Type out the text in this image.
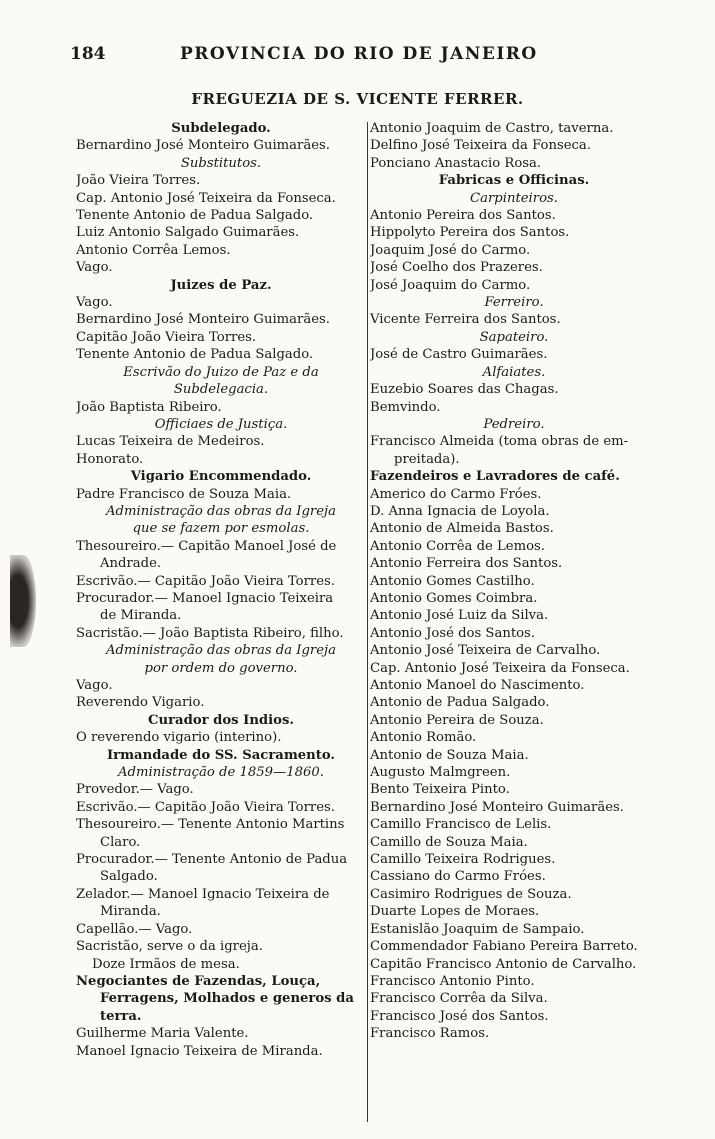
184	PROVINCIA DO RIO DE JANEIRO
FREGUEZIA DE S. VICENTE FERRER.
Subdelegado.
Bernardino José Monteiro Guimarães.
Substitutos.
João Vieira Torres.
Cap. Antonio José Teixeira da Fonseca.
Tenente Antonio de Padua Salgado.
Luiz Antonio Salgado Guimarães.
Antonio Corrêa Lemos.
Vago.
Juizes de Paz.
Vago.
Bernardino José Monteiro Guimarães.
Capitão João Vieira Torres.
Tenente Antonio de Padua Salgado.
Escrivão do Juizo de Paz e da
Subdelegacia.
João Baptista Ribeiro.
Officiaes de Justiça.
Lucas Teixeira de Medeiros.
Honorato.
Vigario Encommendado.
Padre Francisco de Souza Maia.
Administração das obras da Igreja
que se fazem por esmolas.
Thesoureiro.— Capitão Manoel José de
Andrade.
Escrivão.— Capitão João Vieira Torres.
Procurador.— Manoel Ignacio Teixeira
de Miranda.
Sacristão.— João Baptista Ribeiro, filho.
Administração das obras da Igreja
por ordem do governo.
Vago.
Reverendo Vigario.
Curador dos Indios.
O reverendo vigario (interino).
Irmandade do SS. Sacramento.
Administração de 1859—1860.
Provedor.— Vago.
Escrivão.— Capitão João Vieira Torres.
Thesoureiro.— Tenente Antonio Martins
Claro.
Procurador.— Tenente Antonio de Padua
Salgado.
Zelador.— Manoel Ignacio Teixeira de
Miranda.
Capellão.— Vago.
Sacristão, serve o da igreja.
Doze Irmãos de mesa.
Negociantes de Fazendas, Louça,
Ferragens, Molhados e generos da
terra.
Guilherme Maria Valente.
Manoel Ignacio Teixeira de Miranda.
Antonio Joaquim de Castro, taverna.
Delfino José Teixeira da Fonseca.
Ponciano Anastacio Rosa.
Fabricas e Officinas.
Carpinteiros.
Antonio Pereira dos Santos.
Hippolyto Pereira dos Santos.
Joaquim José do Carmo.
José Coelho dos Prazeres.
José Joaquim do Carmo.
Ferreiro.
Vicente Ferreira dos Santos.
Sapateiro.
José de Castro Guimarães.
Alfaiates.
Euzebio Soares das Chagas.
Bemvindo.
Pedreiro.
Francisco Almeida (toma obras de em-
preitada).
Fazendeiros e Lavradores de café.
Americo do Carmo Fróes.
D. Anna Ignacia de Loyola.
Antonio de Almeida Bastos.
Antonio Corrêa de Lemos.
Antonio Ferreira dos Santos.
Antonio Gomes Castilho.
Antonio Gomes Coimbra.
Antonio José Luiz da Silva.
Antonio José dos Santos.
Antonio José Teixeira de Carvalho.
Cap. Antonio José Teixeira da Fonseca.
Antonio Manoel do Nascimento.
Antonio de Padua Salgado.
Antonio Pereira de Souza.
Antonio Romão.
Antonio de Souza Maia.
Augusto Malmgreen.
Bento Teixeira Pinto.
Bernardino José Monteiro Guimarães.
Camillo Francisco de Lelis.
Camillo de Souza Maia.
Camillo Teixeira Rodrigues.
Cassiano do Carmo Fróes.
Casimiro Rodrigues de Souza.
Duarte Lopes de Moraes.
Estanislão Joaquim de Sampaio.
Commendador Fabiano Pereira Barreto.
Capitão Francisco Antonio de Carvalho.
Francisco Antonio Pinto.
Francisco Corrêa da Silva.
Francisco José dos Santos.
Francisco Ramos.
